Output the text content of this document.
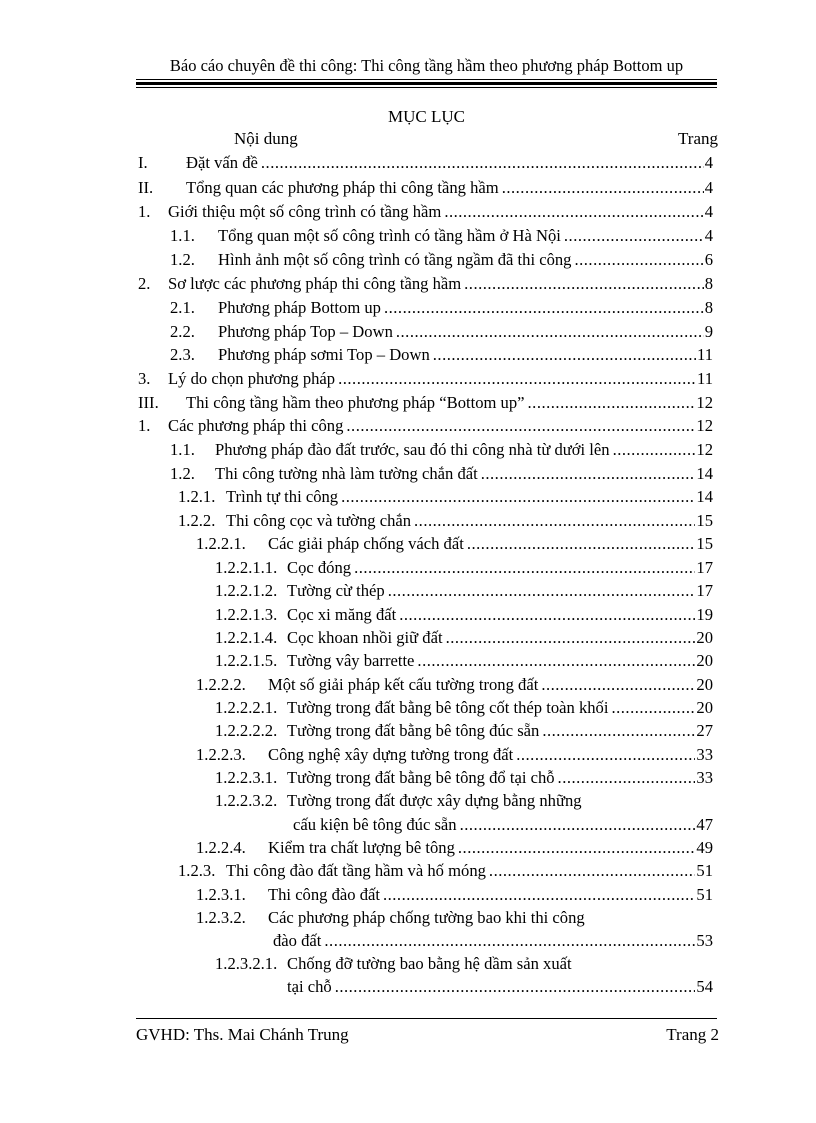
Báo cáo chuyên đề thi công: Thi công tầng hầm theo phương pháp Bottom up
MỤC LỤC
Nội dung	Trang
I. Đặt vấn đề .....	4
II. Tổng quan các phương pháp thi công tầng hầm .....	4
1. Giới thiệu một số công trình có tầng hầm .....	4
1.1. Tổng quan một số công trình có tầng hầm ở Hà Nội .....	4
1.2. Hình ảnh một số công trình có tầng ngầm đã thi công .....	6
2. Sơ lược các phương pháp thi công tầng hầm .....	8
2.1. Phương pháp Bottom up .....	8
2.2. Phương pháp Top – Down .....	9
2.3. Phương pháp sơmi Top – Down .....	11
3. Lý do chọn phương pháp .....	11
III. Thi công tầng hầm theo phương pháp “Bottom up” .....	12
1. Các phương pháp thi công .....	12
1.1. Phương pháp đào đất trước, sau đó thi công nhà từ dưới lên .....	12
1.2. Thi công tường nhà làm tường chắn đất .....	14
1.2.1. Trình tự thi công .....	14
1.2.2. Thi công cọc và tường chắn .....	15
1.2.2.1. Các giải pháp chống vách đất .....	15
1.2.2.1.1. Cọc đóng .....	17
1.2.2.1.2. Tường cừ thép .....	17
1.2.2.1.3. Cọc xi măng đất .....	19
1.2.2.1.4. Cọc khoan nhồi giữ đất .....	20
1.2.2.1.5. Tường vây barrette .....	20
1.2.2.2. Một số giải pháp kết cấu tường trong đất .....	20
1.2.2.2.1. Tường trong đất bằng bê tông cốt thép toàn khối .....	20
1.2.2.2.2. Tường trong đất bằng bê tông đúc sẵn .....	27
1.2.2.3. Công nghệ xây dựng tường trong đất .....	33
1.2.2.3.1. Tường trong đất bằng bê tông đổ tại chỗ .....	33
1.2.2.3.2. Tường trong đất được xây dựng bằng những
cấu kiện bê tông đúc sẵn .....	47
1.2.2.4. Kiểm tra chất lượng bê tông .....	49
1.2.3. Thi công đào đất tầng hầm và hố móng .....	51
1.2.3.1. Thi công đào đất .....	51
1.2.3.2. Các phương pháp chống tường bao khi thi công
đào đất .....	53
1.2.3.2.1. Chống đỡ tường bao bằng hệ dầm sản xuất
tại chỗ .....	54
GVHD: Ths. Mai Chánh Trung	Trang 2
